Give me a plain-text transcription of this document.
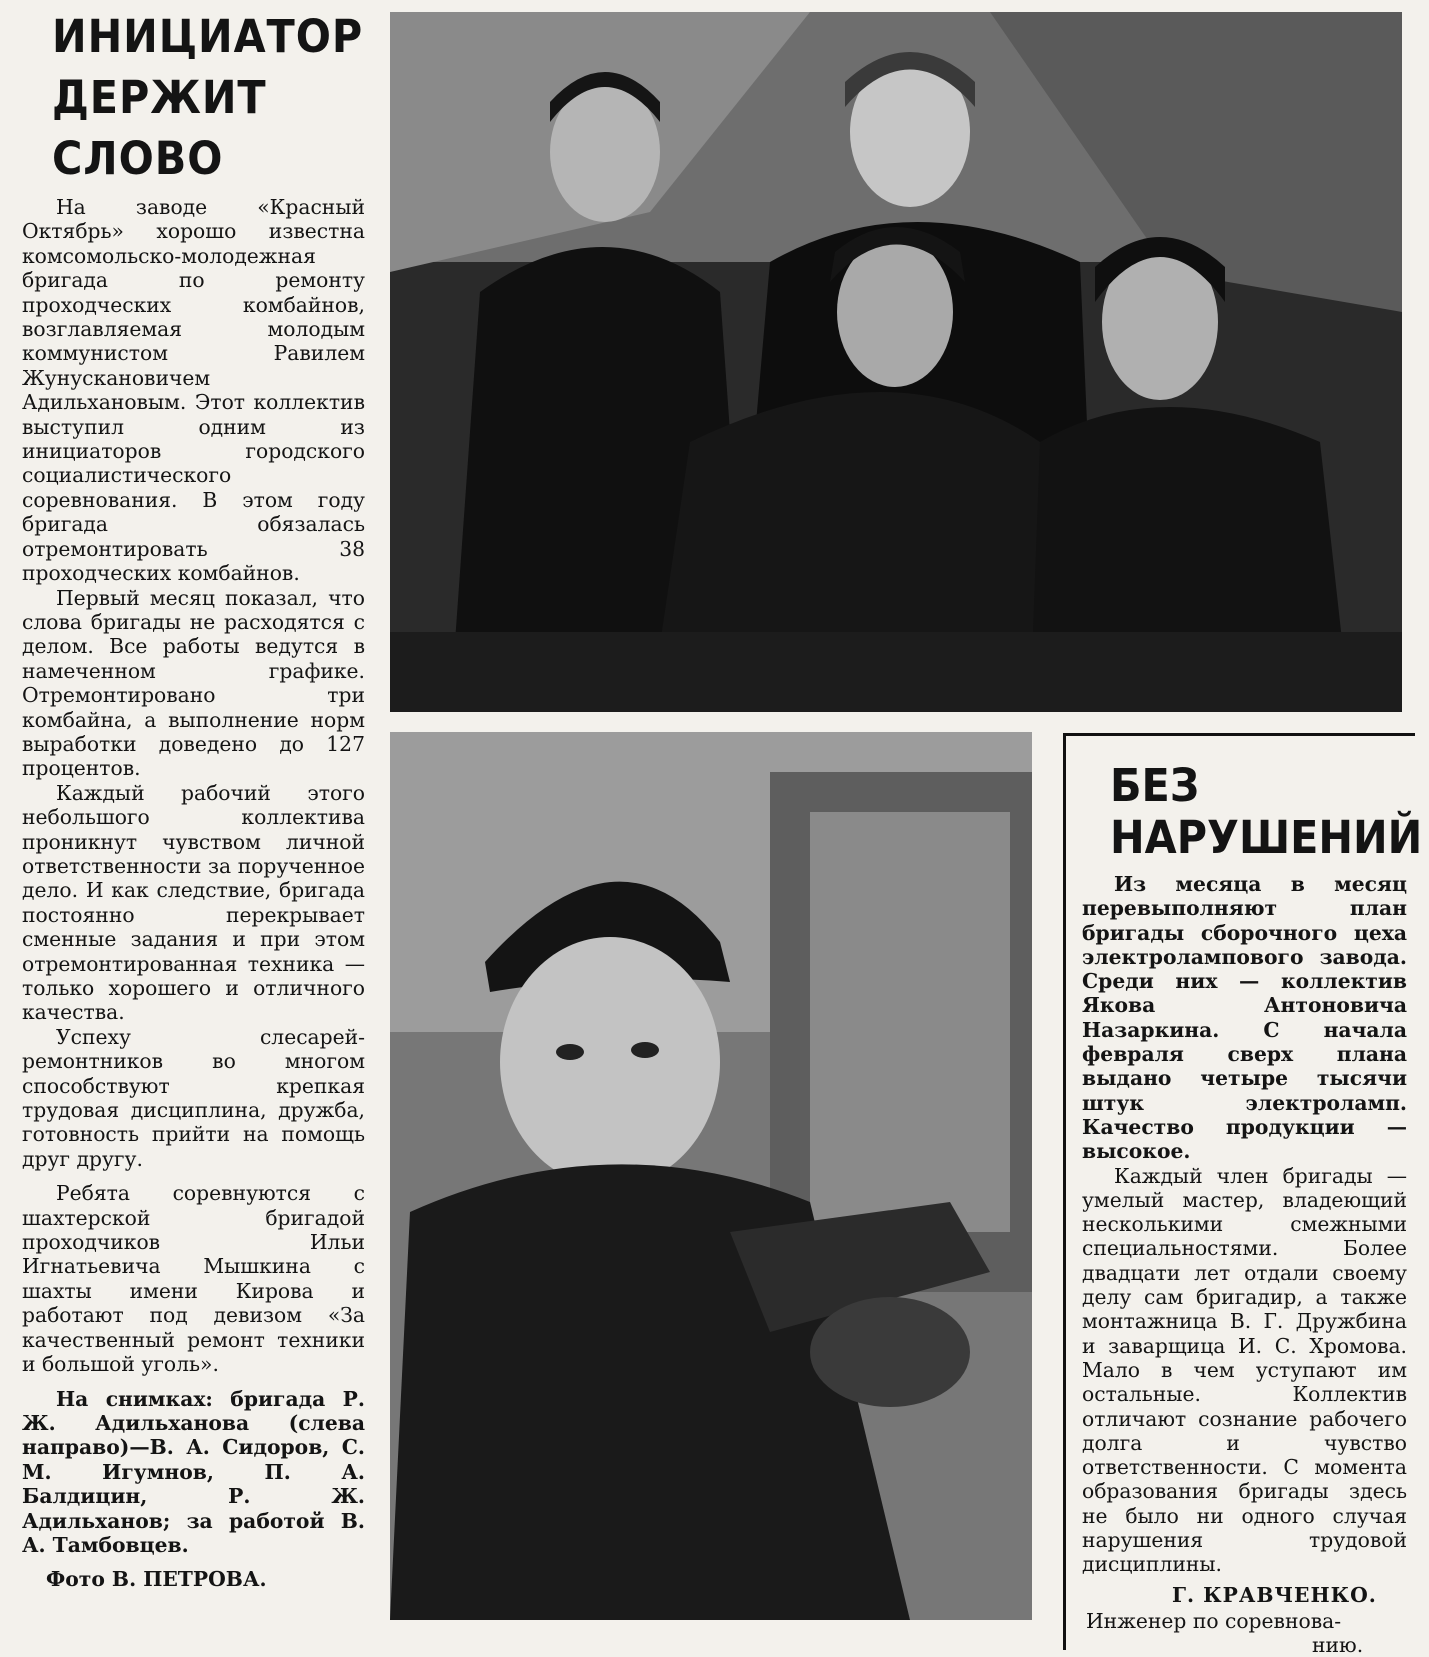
ИНИЦИАТОР
ДЕРЖИТ
СЛОВО

На заводе «Красный Октябрь» хорошо известна комсомольско-молодежная бригада по ремонту проходческих комбайнов, возглавляемая молодым коммунистом Равилем Жунускановичем Адильхановым. Этот коллектив выступил одним из инициаторов городского социалистического соревнования. В этом году бригада обязалась отремонтировать 38 проходческих комбайнов.

Первый месяц показал, что слова бригады не расходятся с делом. Все работы ведутся в намеченном графике. Отремонтировано три комбайна, а выполнение норм выработки доведено до 127 процентов.

Каждый рабочий этого небольшого коллектива проникнут чувством личной ответственности за порученное дело. И как следствие, бригада постоянно перекрывает сменные задания и при этом отремонтированная техника — только хорошего и отличного качества.

Успеху слесарей-ремонтников во многом способствуют крепкая трудовая дисциплина, дружба, готовность прийти на помощь друг другу.

Ребята соревнуются с шахтерской бригадой проходчиков Ильи Игнатьевича Мышкина с шахты имени Кирова и работают под девизом «За качественный ремонт техники и большой уголь».

На снимках: бригада Р. Ж. Адильханова (слева направо)—В. А. Сидоров, С. М. Игумнов, П. А. Балдицин, Р. Ж. Адильханов; за работой В. А. Тамбовцев.

Фото В. ПЕТРОВА.
БЕЗ
НАРУШЕНИЙ

Из месяца в месяц перевыполняют план бригады сборочного цеха электролампового завода. Среди них — коллектив Якова Антоновича Назаркина. С начала февраля сверх плана выдано четыре тысячи штук электроламп. Качество продукции — высокое.

Каждый член бригады — умелый мастер, владеющий несколькими смежными специальностями. Более двадцати лет отдали своему делу сам бригадир, а также монтажница В. Г. Дружбина и заварщица И. С. Хромова. Мало в чем уступают им остальные. Коллектив отличают сознание рабочего долга и чувство ответственности. С момента образования бригады здесь не было ни одного случая нарушения трудовой дисциплины.

Г. КРАВЧЕНКО.
Инженер по соревнова-
нию.
